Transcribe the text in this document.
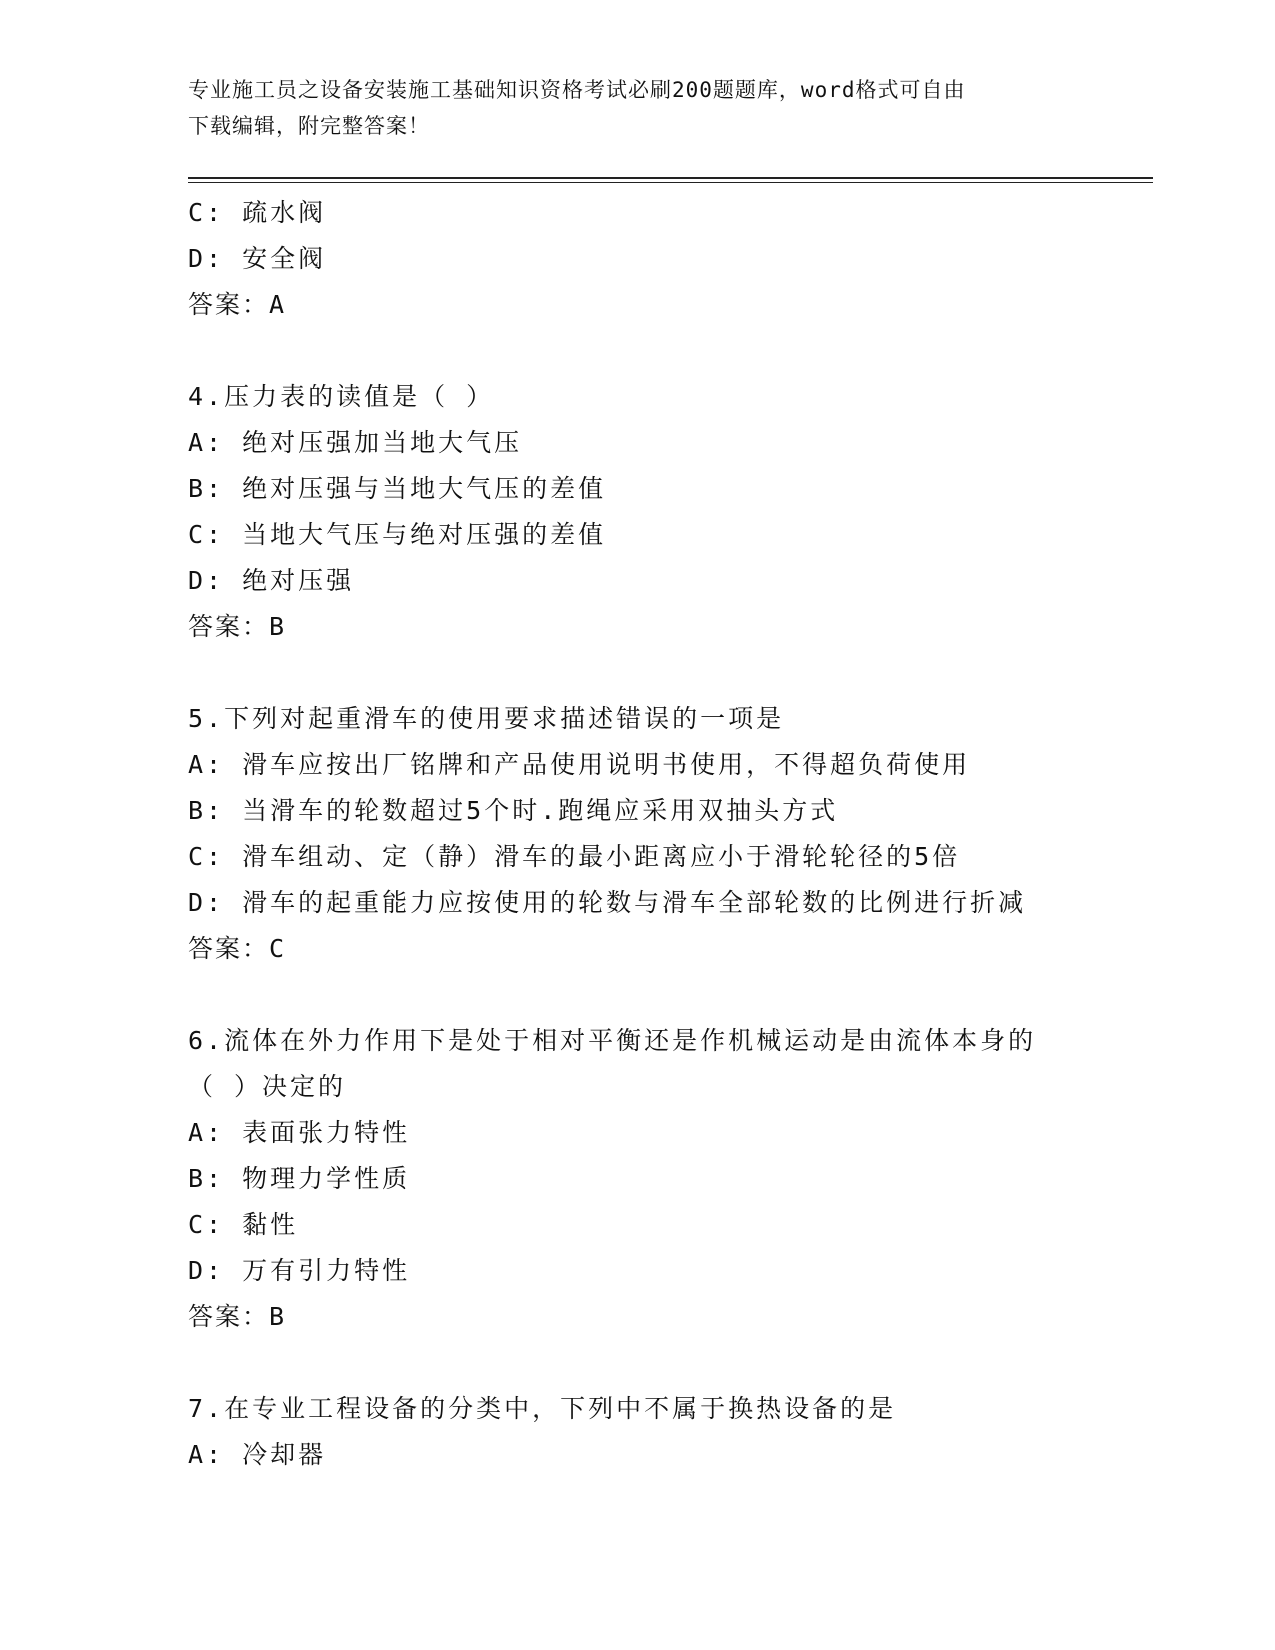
专业施工员之设备安装施工基础知识资格考试必刷200题题库，word格式可自由
下载编辑，附完整答案！
C: 疏水阀
D: 安全阀
答案：A
4.压力表的读值是（ ）
A: 绝对压强加当地大气压
B: 绝对压强与当地大气压的差值
C: 当地大气压与绝对压强的差值
D: 绝对压强
答案：B
5.下列对起重滑车的使用要求描述错误的一项是
A: 滑车应按出厂铭牌和产品使用说明书使用，不得超负荷使用
B: 当滑车的轮数超过5个时.跑绳应采用双抽头方式
C: 滑车组动、定（静）滑车的最小距离应小于滑轮轮径的5倍
D: 滑车的起重能力应按使用的轮数与滑车全部轮数的比例进行折减
答案：C
6.流体在外力作用下是处于相对平衡还是作机械运动是由流体本身的
（ ）决定的
A: 表面张力特性
B: 物理力学性质
C: 黏性
D: 万有引力特性
答案：B
7.在专业工程设备的分类中，下列中不属于换热设备的是
A: 冷却器
